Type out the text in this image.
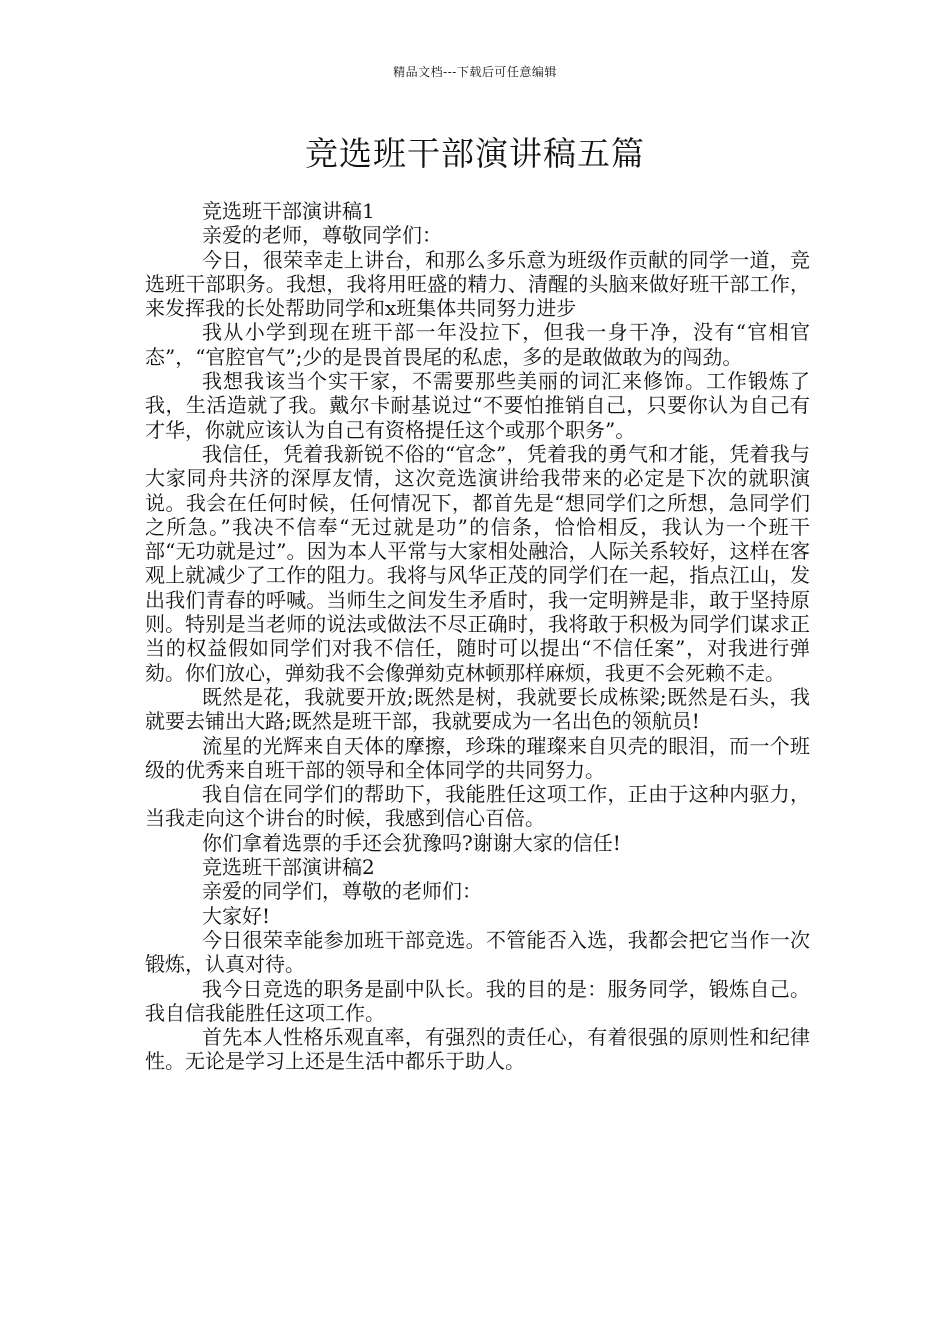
精品文档---下载后可任意编辑
竞选班干部演讲稿五篇

竞选班干部演讲稿1

亲爱的老师，尊敬同学们：

今日，很荣幸走上讲台，和那么多乐意为班级作贡献的同学一道，竞选班干部职务。我想，我将用旺盛的精力、清醒的头脑来做好班干部工作，来发挥我的长处帮助同学和x班集体共同努力进步

我从小学到现在班干部一年没拉下，但我一身干净，没有“官相官态”，“官腔官气”;少的是畏首畏尾的私虑，多的是敢做敢为的闯劲。

我想我该当个实干家，不需要那些美丽的词汇来修饰。工作锻炼了我，生活造就了我。戴尔卡耐基说过“不要怕推销自己，只要你认为自己有才华，你就应该认为自己有资格提任这个或那个职务”。

我信任，凭着我新锐不俗的“官念”，凭着我的勇气和才能，凭着我与大家同舟共济的深厚友情，这次竞选演讲给我带来的必定是下次的就职演说。我会在任何时候，任何情况下，都首先是“想同学们之所想，急同学们之所急。”我决不信奉“无过就是功”的信条，恰恰相反，我认为一个班干部“无功就是过”。因为本人平常与大家相处融洽，人际关系较好，这样在客观上就减少了工作的阻力。我将与风华正茂的同学们在一起，指点江山，发出我们青春的呼喊。当师生之间发生矛盾时，我一定明辨是非，敢于坚持原则。特别是当老师的说法或做法不尽正确时，我将敢于积极为同学们谋求正当的权益假如同学们对我不信任，随时可以提出“不信任案”，对我进行弹劾。你们放心，弹劾我不会像弹劾克林顿那样麻烦，我更不会死赖不走。

既然是花，我就要开放;既然是树，我就要长成栋梁;既然是石头，我就要去铺出大路;既然是班干部，我就要成为一名出色的领航员!

流星的光辉来自天体的摩擦，珍珠的璀璨来自贝壳的眼泪，而一个班级的优秀来自班干部的领导和全体同学的共同努力。

我自信在同学们的帮助下，我能胜任这项工作，正由于这种内驱力，当我走向这个讲台的时候，我感到信心百倍。

你们拿着选票的手还会犹豫吗?谢谢大家的信任!

竞选班干部演讲稿2

亲爱的同学们，尊敬的老师们：

大家好!

今日很荣幸能参加班干部竞选。不管能否入选，我都会把它当作一次锻炼，认真对待。

我今日竞选的职务是副中队长。我的目的是：服务同学，锻炼自己。我自信我能胜任这项工作。

首先本人性格乐观直率，有强烈的责任心，有着很强的原则性和纪律性。无论是学习上还是生活中都乐于助人。
